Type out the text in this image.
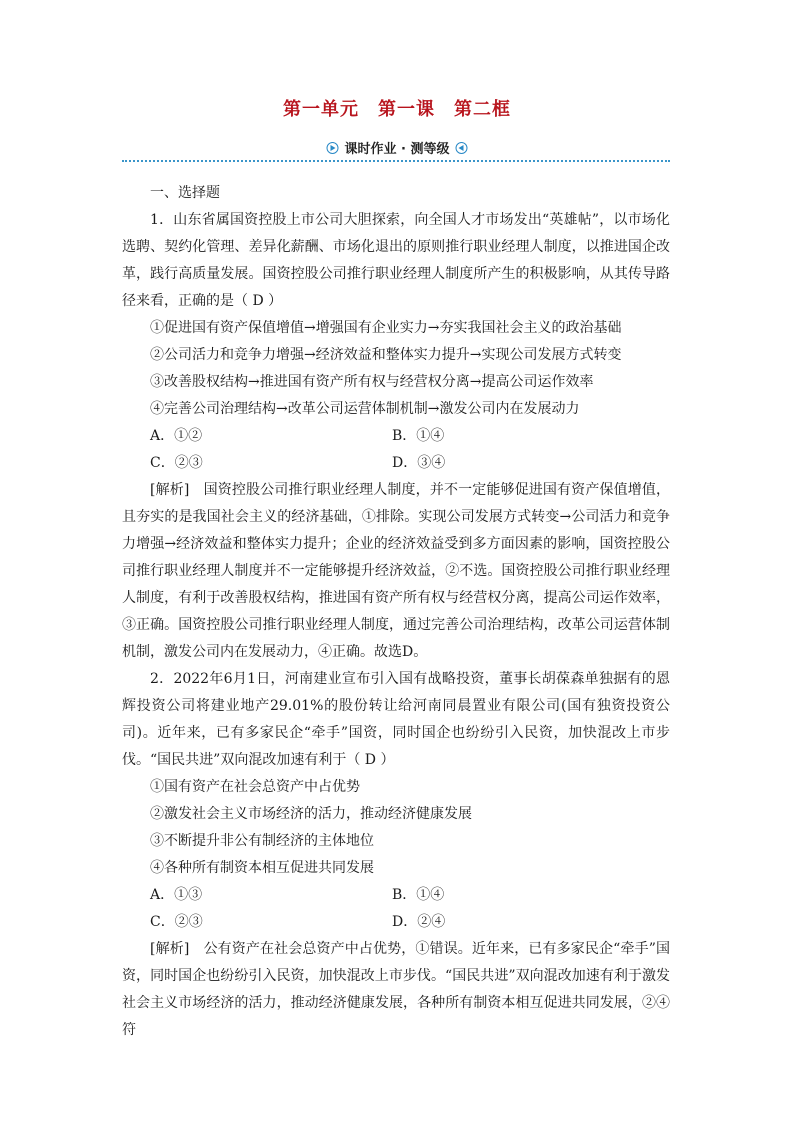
第一单元　第一课　第二框
课时作业 · 测等级

一、选择题

1．山东省属国资控股上市公司大胆探索，向全国人才市场发出“英雄帖”，以市场化选聘、契约化管理、差异化薪酬、市场化退出的原则推行职业经理人制度，以推进国企改革，践行高质量发展。国资控股公司推行职业经理人制度所产生的积极影响，从其传导路径来看，正确的是（ D ）

①促进国有资产保值增值→增强国有企业实力→夯实我国社会主义的政治基础

②公司活力和竞争力增强→经济效益和整体实力提升→实现公司发展方式转变

③改善股权结构→推进国有资产所有权与经营权分离→提高公司运作效率

④完善公司治理结构→改革公司运营体制机制→激发公司内在发展动力

A．①②	B．①④
C．②③	D．③④

[解析]　 国资控股公司推行职业经理人制度，并不一定能够促进国有资产保值增值，且夯实的是我国社会主义的经济基础，①排除。实现公司发展方式转变→公司活力和竞争力增强→经济效益和整体实力提升；企业的经济效益受到多方面因素的影响，国资控股公司推行职业经理人制度并不一定能够提升经济效益，②不选。国资控股公司推行职业经理人制度，有利于改善股权结构，推进国有资产所有权与经营权分离，提高公司运作效率，③正确。国资控股公司推行职业经理人制度，通过完善公司治理结构，改革公司运营体制机制，激发公司内在发展动力，④正确。故选D。

2．2022年6月1日，河南建业宣布引入国有战略投资，董事长胡葆森单独据有的恩辉投资公司将建业地产29.01%的股份转让给河南同晨置业有限公司(国有独资投资公司)。近年来，已有多家民企“牵手”国资，同时国企也纷纷引入民资，加快混改上市步伐。“国民共进”双向混改加速有利于（ D ）

①国有资产在社会总资产中占优势

②激发社会主义市场经济的活力，推动经济健康发展

③不断提升非公有制经济的主体地位

④各种所有制资本相互促进共同发展

A．①③	B．①④
C．②③	D．②④

[解析]　 公有资产在社会总资产中占优势，①错误。近年来，已有多家民企“牵手”国资，同时国企也纷纷引入民资，加快混改上市步伐。“国民共进”双向混改加速有利于激发社会主义市场经济的活力，推动经济健康发展，各种所有制资本相互促进共同发展，②④符
